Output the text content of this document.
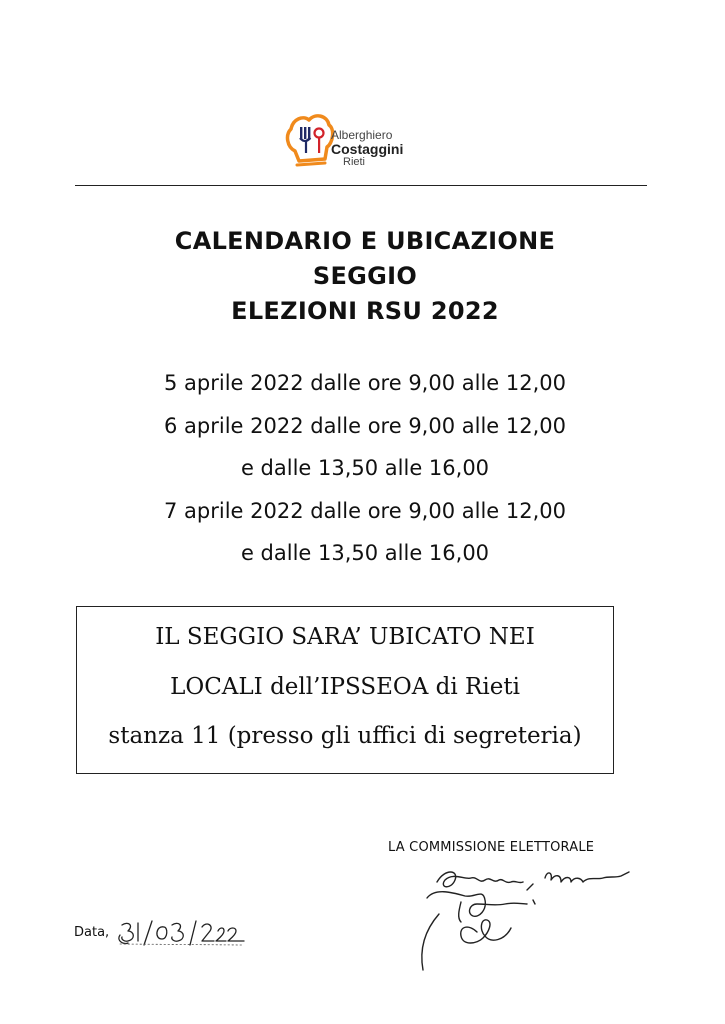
Alberghiero
Costaggini
Rieti
CALENDARIO E UBICAZIONE
SEGGIO
ELEZIONI RSU 2022
5 aprile 2022 dalle ore 9,00 alle 12,00
6 aprile 2022 dalle ore 9,00 alle 12,00
e dalle 13,50 alle 16,00
7 aprile 2022 dalle ore 9,00 alle 12,00
e dalle 13,50 alle 16,00
IL SEGGIO SARA’ UBICATO NEI
LOCALI dell’IPSSEOA di Rieti
stanza 11 (presso gli uffici di segreteria)
LA COMMISSIONE ELETTORALE
Data,
